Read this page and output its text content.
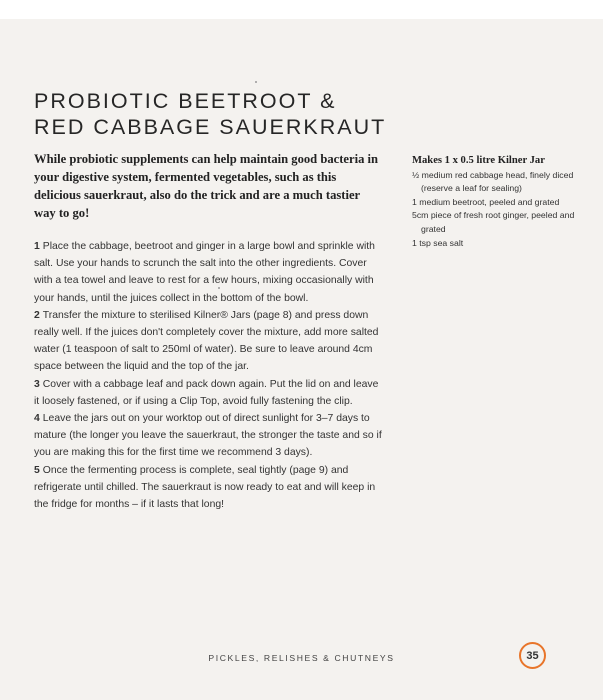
PROBIOTIC BEETROOT &
RED CABBAGE SAUERKRAUT

While probiotic supplements can help maintain good bacteria in your digestive system, fermented vegetables, such as this delicious sauerkraut, also do the trick and are a much tastier way to go!

1 Place the cabbage, beetroot and ginger in a large bowl and sprinkle with salt. Use your hands to scrunch the salt into the other ingredients. Cover with a tea towel and leave to rest for a few hours, mixing occasionally with your hands, until the juices collect in the bottom of the bowl.

2 Transfer the mixture to sterilised Kilner® Jars (page 8) and press down really well. If the juices don't completely cover the mixture, add more salted water (1 teaspoon of salt to 250ml of water). Be sure to leave around 4cm space between the liquid and the top of the jar.

3 Cover with a cabbage leaf and pack down again. Put the lid on and leave it loosely fastened, or if using a Clip Top, avoid fully fastening the clip.

4 Leave the jars out on your worktop out of direct sunlight for 3–7 days to mature (the longer you leave the sauerkraut, the stronger the taste and so if you are making this for the first time we recommend 3 days).

5 Once the fermenting process is complete, seal tightly (page 9) and refrigerate until chilled. The sauerkraut is now ready to eat and will keep in the fridge for months – if it lasts that long!

Makes 1 x 0.5 litre Kilner Jar
½ medium red cabbage head, finely diced (reserve a leaf for sealing)
1 medium beetroot, peeled and grated
5cm piece of fresh root ginger, peeled and grated
1 tsp sea salt
PICKLES, RELISHES & CHUTNEYS	35
